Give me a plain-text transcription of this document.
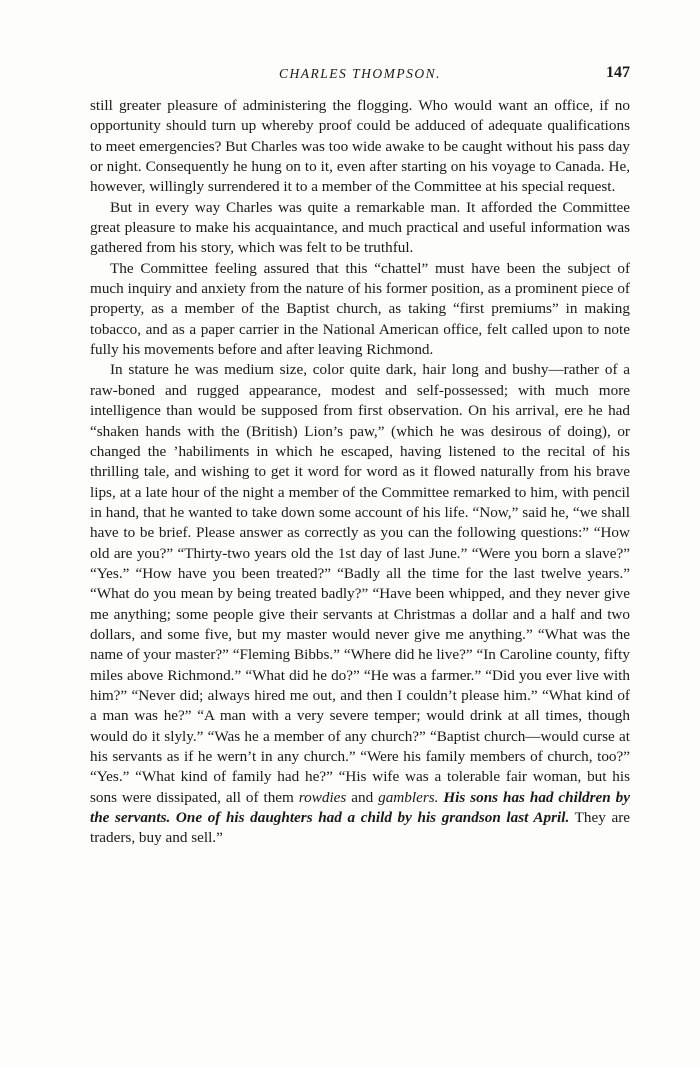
CHARLES THOMPSON.	147

still greater pleasure of administering the flogging. Who would want an office, if no opportunity should turn up whereby proof could be adduced of adequate qualifications to meet emergencies? But Charles was too wide awake to be caught without his pass day or night. Consequently he hung on to it, even after starting on his voyage to Canada. He, however, willingly surrendered it to a member of the Committee at his special request.

But in every way Charles was quite a remarkable man. It afforded the Committee great pleasure to make his acquaintance, and much practical and useful information was gathered from his story, which was felt to be truthful.

The Committee feeling assured that this “chattel” must have been the subject of much inquiry and anxiety from the nature of his former position, as a prominent piece of property, as a member of the Baptist church, as taking “first premiums” in making tobacco, and as a paper carrier in the National American office, felt called upon to note fully his movements before and after leaving Richmond.

In stature he was medium size, color quite dark, hair long and bushy—rather of a raw-boned and rugged appearance, modest and self-possessed; with much more intelligence than would be supposed from first observation. On his arrival, ere he had “shaken hands with the (British) Lion’s paw,” (which he was desirous of doing), or changed the ’habiliments in which he escaped, having listened to the recital of his thrilling tale, and wishing to get it word for word as it flowed naturally from his brave lips, at a late hour of the night a member of the Committee remarked to him, with pencil in hand, that he wanted to take down some account of his life. “Now,” said he, “we shall have to be brief. Please answer as correctly as you can the following questions:” “How old are you?” “Thirty-two years old the 1st day of last June.” “Were you born a slave?” “Yes.” “How have you been treated?” “Badly all the time for the last twelve years.” “What do you mean by being treated badly?” “Have been whipped, and they never give me anything; some people give their servants at Christmas a dollar and a half and two dollars, and some five, but my master would never give me anything.” “What was the name of your master?” “Fleming Bibbs.” “Where did he live?” “In Caroline county, fifty miles above Richmond.” “What did he do?” “He was a farmer.” “Did you ever live with him?” “Never did; always hired me out, and then I couldn’t please him.” “What kind of a man was he?” “A man with a very severe temper; would drink at all times, though would do it slyly.” “Was he a member of any church?” “Baptist church—would curse at his servants as if he wern’t in any church.” “Were his family members of church, too?” “Yes.” “What kind of family had he?” “His wife was a tolerable fair woman, but his sons were dissipated, all of them rowdies and gamblers. His sons has had children by the servants. One of his daughters had a child by his grandson last April. They are traders, buy and sell.”
